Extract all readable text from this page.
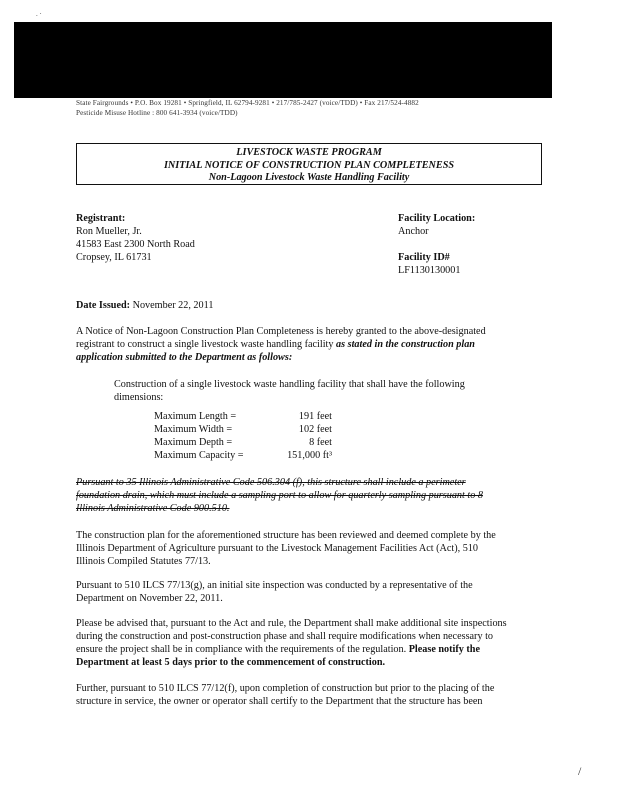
. ·
State Fairgrounds • P.O. Box 19281 • Springfield, IL 62794-9281 • 217/785-2427 (voice/TDD) • Fax 217/524-4882
Pesticide Misuse Hotline : 800 641-3934 (voice/TDD)
LIVESTOCK WASTE PROGRAM
INITIAL NOTICE OF CONSTRUCTION PLAN COMPLETENESS
Non-Lagoon Livestock Waste Handling Facility
Registrant:
Ron Mueller, Jr.
41583 East 2300 North Road
Cropsey, IL 61731
Facility Location:
Anchor
Facility ID#
LF1130130001
Date Issued: November 22, 2011
A Notice of Non-Lagoon Construction Plan Completeness is hereby granted to the above-designated
registrant to construct a single livestock waste handling facility as stated in the construction plan
application submitted to the Department as follows:
Construction of a single livestock waste handling facility that shall have the following
dimensions:
Maximum Length =	191 feet
Maximum Width =	102 feet
Maximum Depth =	8 feet
Maximum Capacity =	151,000 ft³
Pursuant to 35 Illinois Administrative Code 506.304 (f), this structure shall include a perimeter
foundation drain, which must include a sampling port to allow for quarterly sampling pursuant to 8
Illinois Administrative Code 900.510.
The construction plan for the aforementioned structure has been reviewed and deemed complete by the
Illinois Department of Agriculture pursuant to the Livestock Management Facilities Act (Act), 510
Illinois Compiled Statutes 77/13.
Pursuant to 510 ILCS 77/13(g), an initial site inspection was conducted by a representative of the
Department on November 22, 2011.
Please be advised that, pursuant to the Act and rule, the Department shall make additional site inspections
during the construction and post-construction phase and shall require modifications when necessary to
ensure the project shall be in compliance with the requirements of the regulation. Please notify the
Department at least 5 days prior to the commencement of construction.
Further, pursuant to 510 ILCS 77/12(f), upon completion of construction but prior to the placing of the
structure in service, the owner or operator shall certify to the Department that the structure has been
/
